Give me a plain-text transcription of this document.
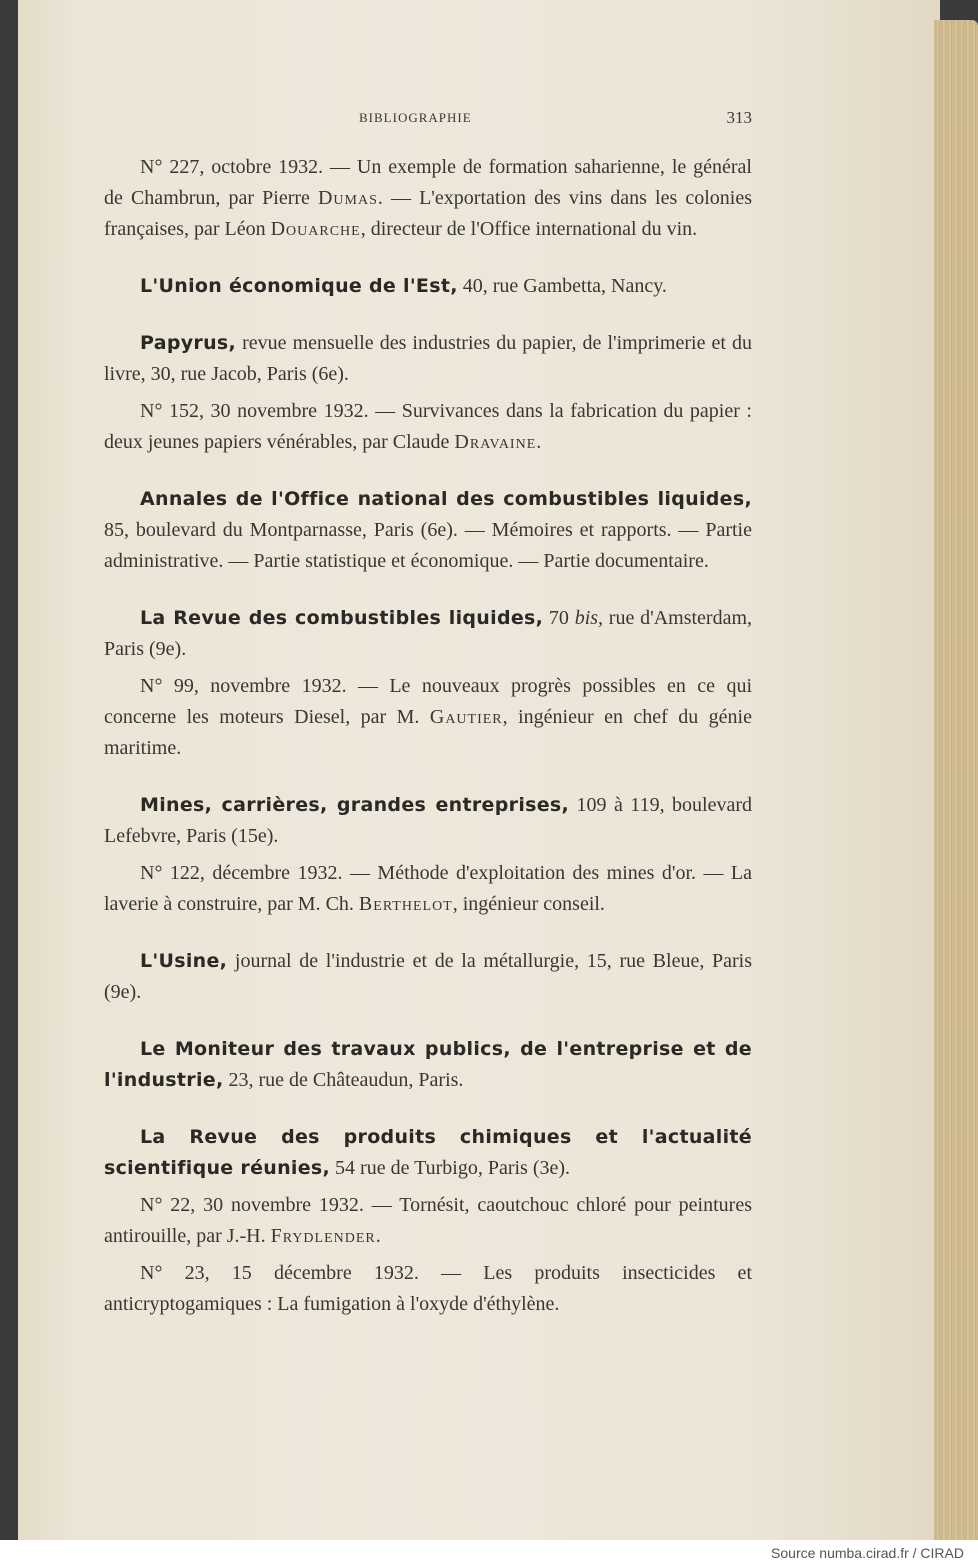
BIBLIOGRAPHIE	313

N° 227, octobre 1932. — Un exemple de formation saharienne, le général de Chambrun, par Pierre Dumas. — L'exportation des vins dans les colonies françaises, par Léon Douarche, directeur de l'Office international du vin.

L'Union économique de l'Est, 40, rue Gambetta, Nancy.

Papyrus, revue mensuelle des industries du papier, de l'imprimerie et du livre, 30, rue Jacob, Paris (6e).

N° 152, 30 novembre 1932. — Survivances dans la fabrication du papier : deux jeunes papiers vénérables, par Claude Dravaine.

Annales de l'Office national des combustibles liquides, 85, boulevard du Montparnasse, Paris (6e). — Mémoires et rapports. — Partie administrative. — Partie statistique et économique. — Partie documentaire.

La Revue des combustibles liquides, 70 bis, rue d'Amsterdam, Paris (9e).

N° 99, novembre 1932. — Le nouveaux progrès possibles en ce qui concerne les moteurs Diesel, par M. Gautier, ingénieur en chef du génie maritime.

Mines, carrières, grandes entreprises, 109 à 119, boulevard Lefebvre, Paris (15e).

N° 122, décembre 1932. — Méthode d'exploitation des mines d'or. — La laverie à construire, par M. Ch. Berthelot, ingénieur conseil.

L'Usine, journal de l'industrie et de la métallurgie, 15, rue Bleue, Paris (9e).

Le Moniteur des travaux publics, de l'entreprise et de l'industrie, 23, rue de Châteaudun, Paris.

La Revue des produits chimiques et l'actualité scientifique réunies, 54 rue de Turbigo, Paris (3e).

N° 22, 30 novembre 1932. — Tornésit, caoutchouc chloré pour peintures antirouille, par J.-H. Frydlender.

N° 23, 15 décembre 1932. — Les produits insecticides et anticryptogamiques : La fumigation à l'oxyde d'éthylène.

Source numba.cirad.fr / CIRAD
